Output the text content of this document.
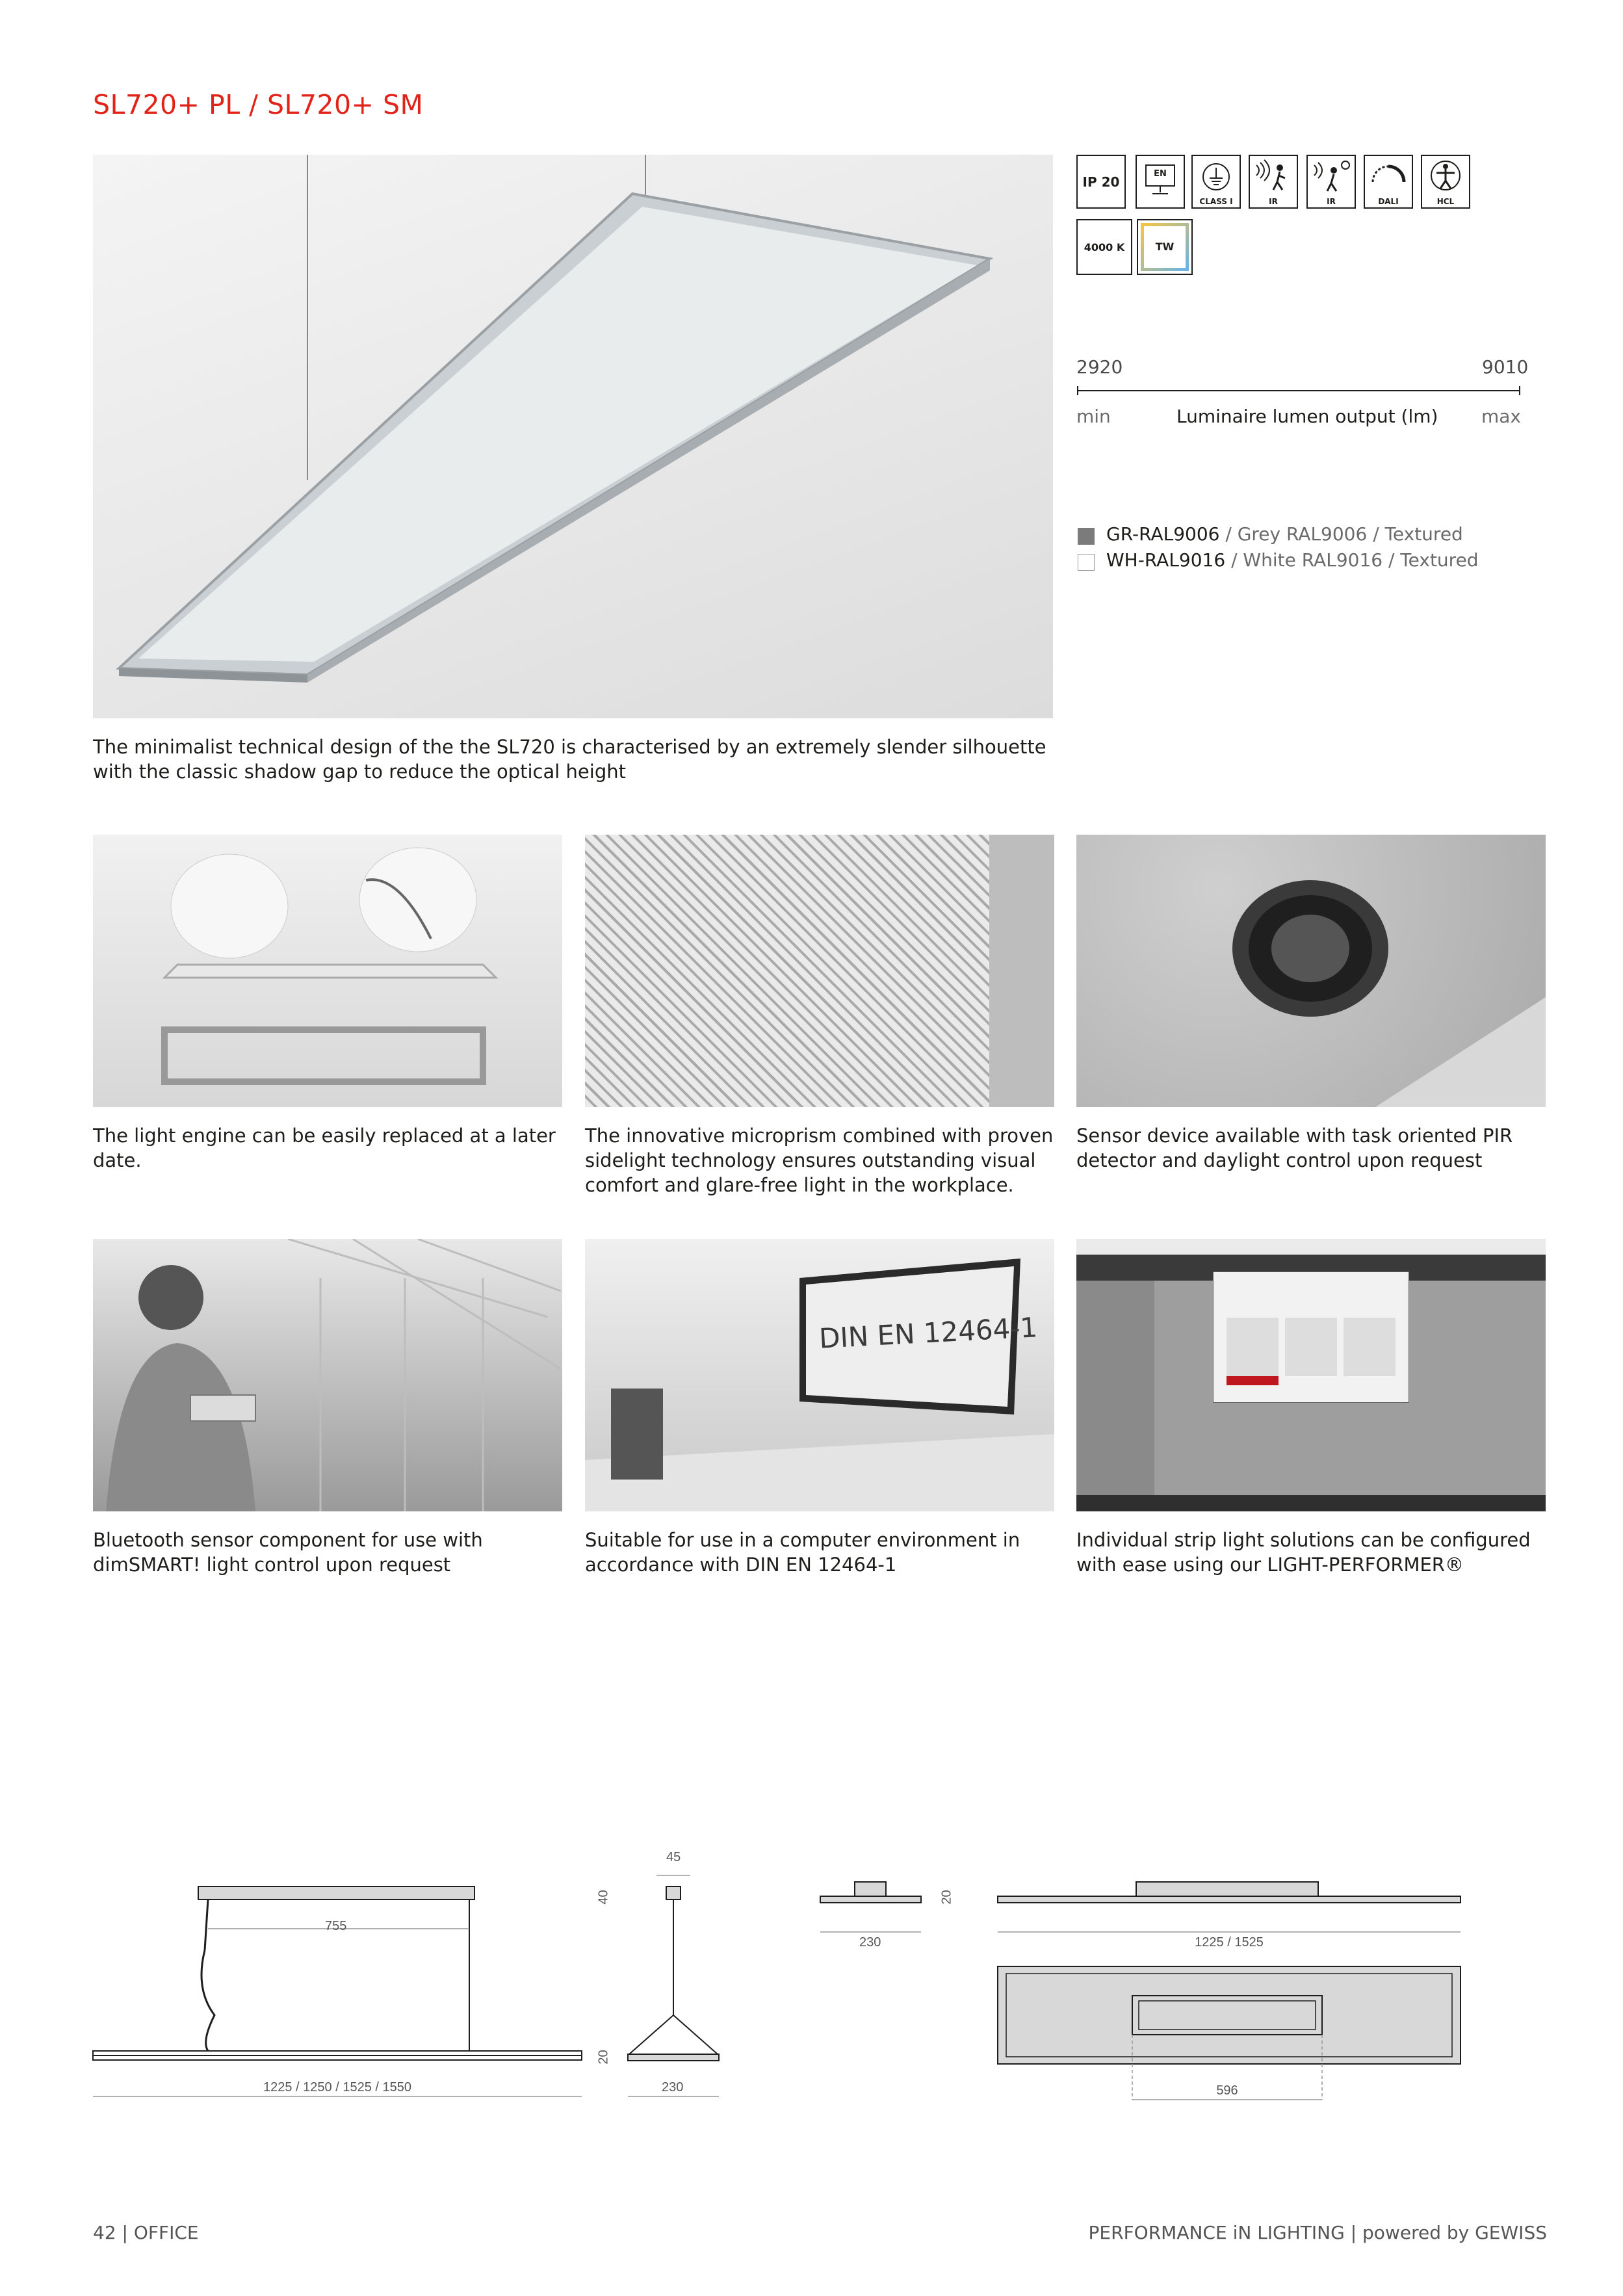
SL720+ PL / SL720+ SM
IP 20
EN
CLASS I	IR	IR	DALI	HCL
4000 K	TW
2920	9010
min	Luminaire lumen output (lm)	max
GR-RAL9006 / Grey RAL9006 / Textured
WH-RAL9016 / White RAL9016 / Textured
The minimalist technical design of the the SL720 is characterised by an extremely slender silhouette with the classic shadow gap to reduce the optical height
The light engine can be easily replaced at a later date.
The innovative microprism combined with proven sidelight technology ensures outstanding visual comfort and glare-free light in the workplace.
Sensor device available with task oriented PIR detector and daylight control upon request
DIN EN 12464-1
Bluetooth sensor component for use with dimSMART! light control upon request
Suitable for use in a computer environment in accordance with DIN EN 12464-1
Individual strip light solutions can be configured with ease using our LIGHT-PERFORMER®
755
40
45
20
230
1225 / 1250 / 1525 / 1550
20
230	1225 / 1525
596
42 | OFFICE	PERFORMANCE iN LIGHTING | powered by GEWISS
